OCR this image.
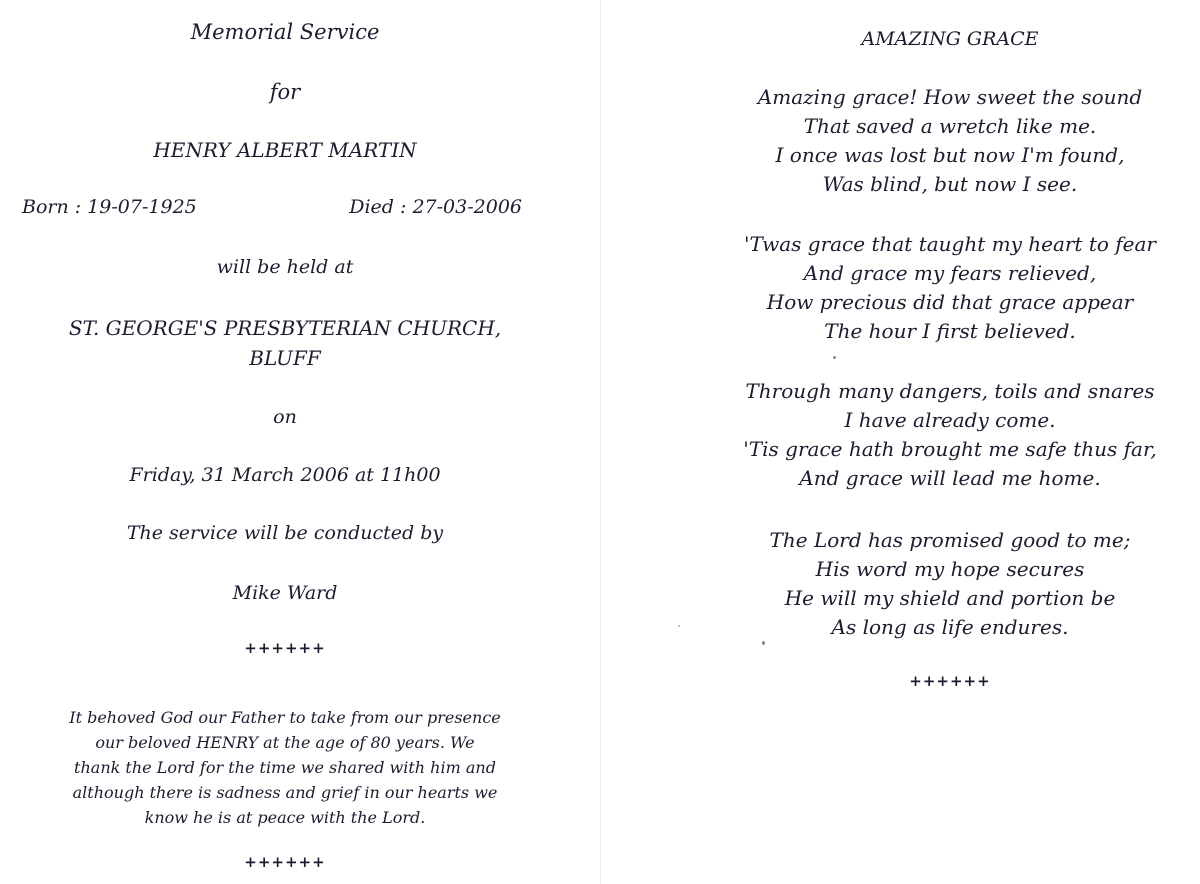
Memorial Service
for
HENRY ALBERT MARTIN
Born : 19-07-1925	Died : 27-03-2006
will be held at
ST. GEORGE'S PRESBYTERIAN CHURCH,
BLUFF
on
Friday, 31 March 2006 at 11h00
The service will be conducted by
Mike Ward
++++++
It behoved God our Father to take from our presence
our beloved HENRY at the age of 80 years. We
thank the Lord for the time we shared with him and
although there is sadness and grief in our hearts we
know he is at peace with the Lord.
++++++
AMAZING GRACE
Amazing grace! How sweet the sound
That saved a wretch like me.
I once was lost but now I'm found,
Was blind, but now I see.
'Twas grace that taught my heart to fear
And grace my fears relieved,
How precious did that grace appear
The hour I first believed.
Through many dangers, toils and snares
I have already come.
'Tis grace hath brought me safe thus far,
And grace will lead me home.
The Lord has promised good to me;
His word my hope secures
He will my shield and portion be
As long as life endures.
++++++
